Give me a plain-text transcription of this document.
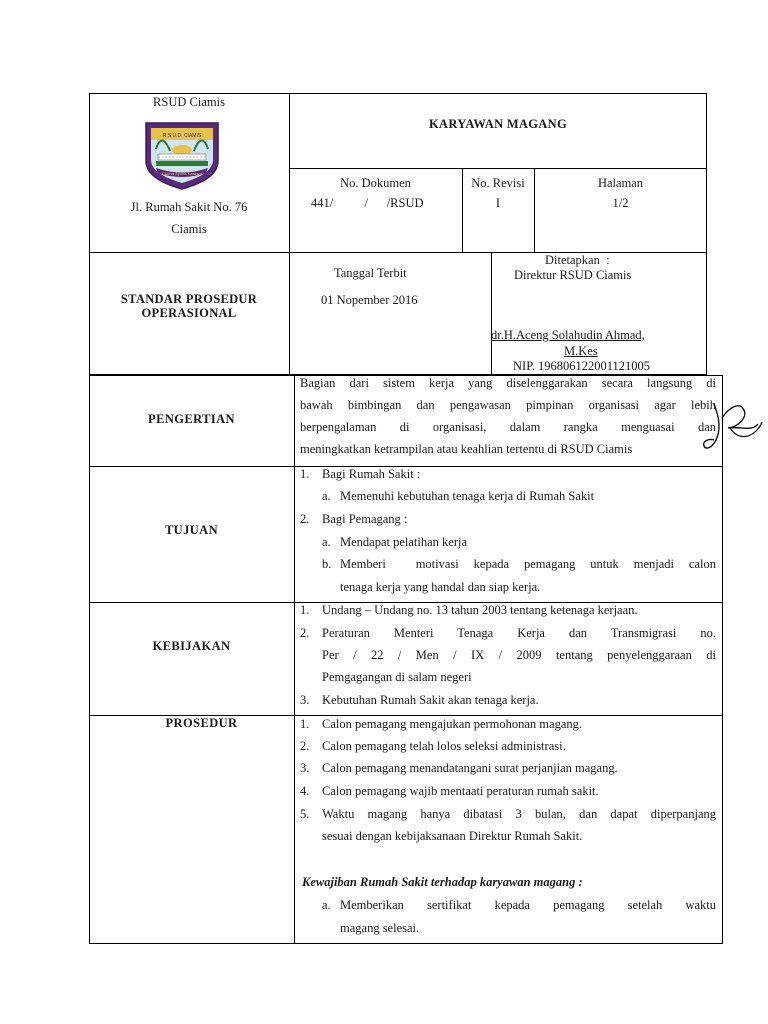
RSUD Ciamis
R.S.U.D. CIAMIS
Ciamis Ayuna Kasinya
Jl. Rumah Sakit No. 76
Ciamis
KARYAWAN MAGANG
No. Dokumen
441/          /      /RSUD
No. Revisi
I
Halaman
1/2
STANDAR PROSEDUR
OPERASIONAL
Tanggal Terbit
01 Nopember 2016
Ditetapkan  :
Direktur RSUD Ciamis
dr.H.Aceng Solahudin Ahmad,
M.Kes
NIP. 196806122001121005
PENGERTIAN
Bagian dari sistem kerja yang diselenggarakan secara langsung di
bawah bimbingan dan pengawasan pimpinan organisasi agar lebih
berpengalaman di organisasi, dalam rangka menguasai dan
meningkatkan ketrampilan atau keahlian tertentu di RSUD Ciamis
TUJUAN
1. Bagi Rumah Sakit :
a. Memenuhi kebutuhan tenaga kerja di Rumah Sakit
2. Bagi Pemagang :
a. Mendapat pelatihan kerja
b. Memberi  motivasi kepada pemagang untuk menjadi calon
tenaga kerja yang handal dan siap kerja.
KEBIJAKAN
1. Undang – Undang no. 13 tahun 2003 tentang ketenaga kerjaan.
2. Peraturan Menteri Tenaga Kerja dan Transmigrasi no.
Per / 22 / Men / IX / 2009 tentang penyelenggaraan di
Pemgagangan di salam negeri
3. Kebutuhan Rumah Sakit akan tenaga kerja.
PROSEDUR	1. Calon pemagang mengajukan permohonan magang.
2. Calon pemagang telah lolos seleksi administrasi.
3. Calon pemagang menandatangani surat perjanjian magang.
4. Calon pemagang wajib mentaati peraturan rumah sakit.
5. Waktu magang hanya dibatasi 3 bulan, dan dapat diperpanjang
sesuai dengan kebijaksanaan Direktur Rumah Sakit.
Kewajiban Rumah Sakit terhadap karyawan magang :
a. Memberikan sertifikat kepada pemagang setelah waktu
magang selesai.
